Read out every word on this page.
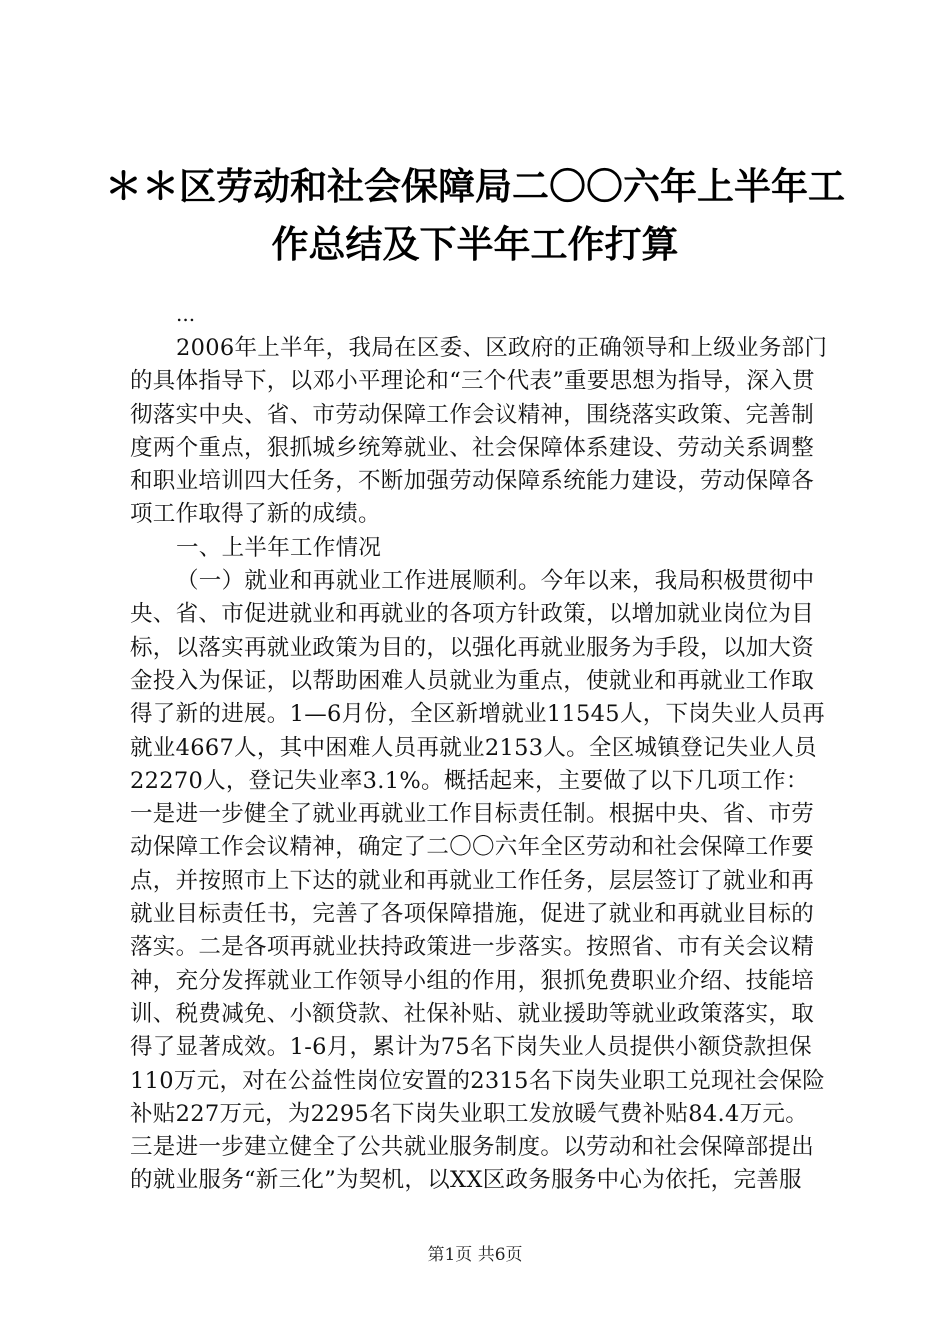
＊＊区劳动和社会保障局二〇〇六年上半年工
作总结及下半年工作打算
...

2006年上半年，我局在区委、区政府的正确领导和上级业务部门的具体指导下，以邓小平理论和“三个代表”重要思想为指导，深入贯彻落实中央、省、市劳动保障工作会议精神，围绕落实政策、完善制度两个重点，狠抓城乡统筹就业、社会保障体系建设、劳动关系调整和职业培训四大任务，不断加强劳动保障系统能力建设，劳动保障各项工作取得了新的成绩。

一、上半年工作情况

（一）就业和再就业工作进展顺利。今年以来，我局积极贯彻中央、省、市促进就业和再就业的各项方针政策，以增加就业岗位为目标，以落实再就业政策为目的，以强化再就业服务为手段，以加大资金投入为保证，以帮助困难人员就业为重点，使就业和再就业工作取得了新的进展。1—6月份，全区新增就业11545人，下岗失业人员再就业4667人，其中困难人员再就业2153人。全区城镇登记失业人员22270人，登记失业率3.1%。概括起来，主要做了以下几项工作：一是进一步健全了就业再就业工作目标责任制。根据中央、省、市劳动保障工作会议精神，确定了二〇〇六年全区劳动和社会保障工作要点，并按照市上下达的就业和再就业工作任务，层层签订了就业和再就业目标责任书，完善了各项保障措施，促进了就业和再就业目标的落实。二是各项再就业扶持政策进一步落实。按照省、市有关会议精神，充分发挥就业工作领导小组的作用，狠抓免费职业介绍、技能培训、税费减免、小额贷款、社保补贴、就业援助等就业政策落实，取得了显著成效。1-6月，累计为75名下岗失业人员提供小额贷款担保110万元，对在公益性岗位安置的2315名下岗失业职工兑现社会保险补贴227万元，为2295名下岗失业职工发放暖气费补贴84.4万元。三是进一步建立健全了公共就业服务制度。以劳动和社会保障部提出的就业服务“新三化”为契机，以XX区政务服务中心为依托，完善服

第1页 共6页
